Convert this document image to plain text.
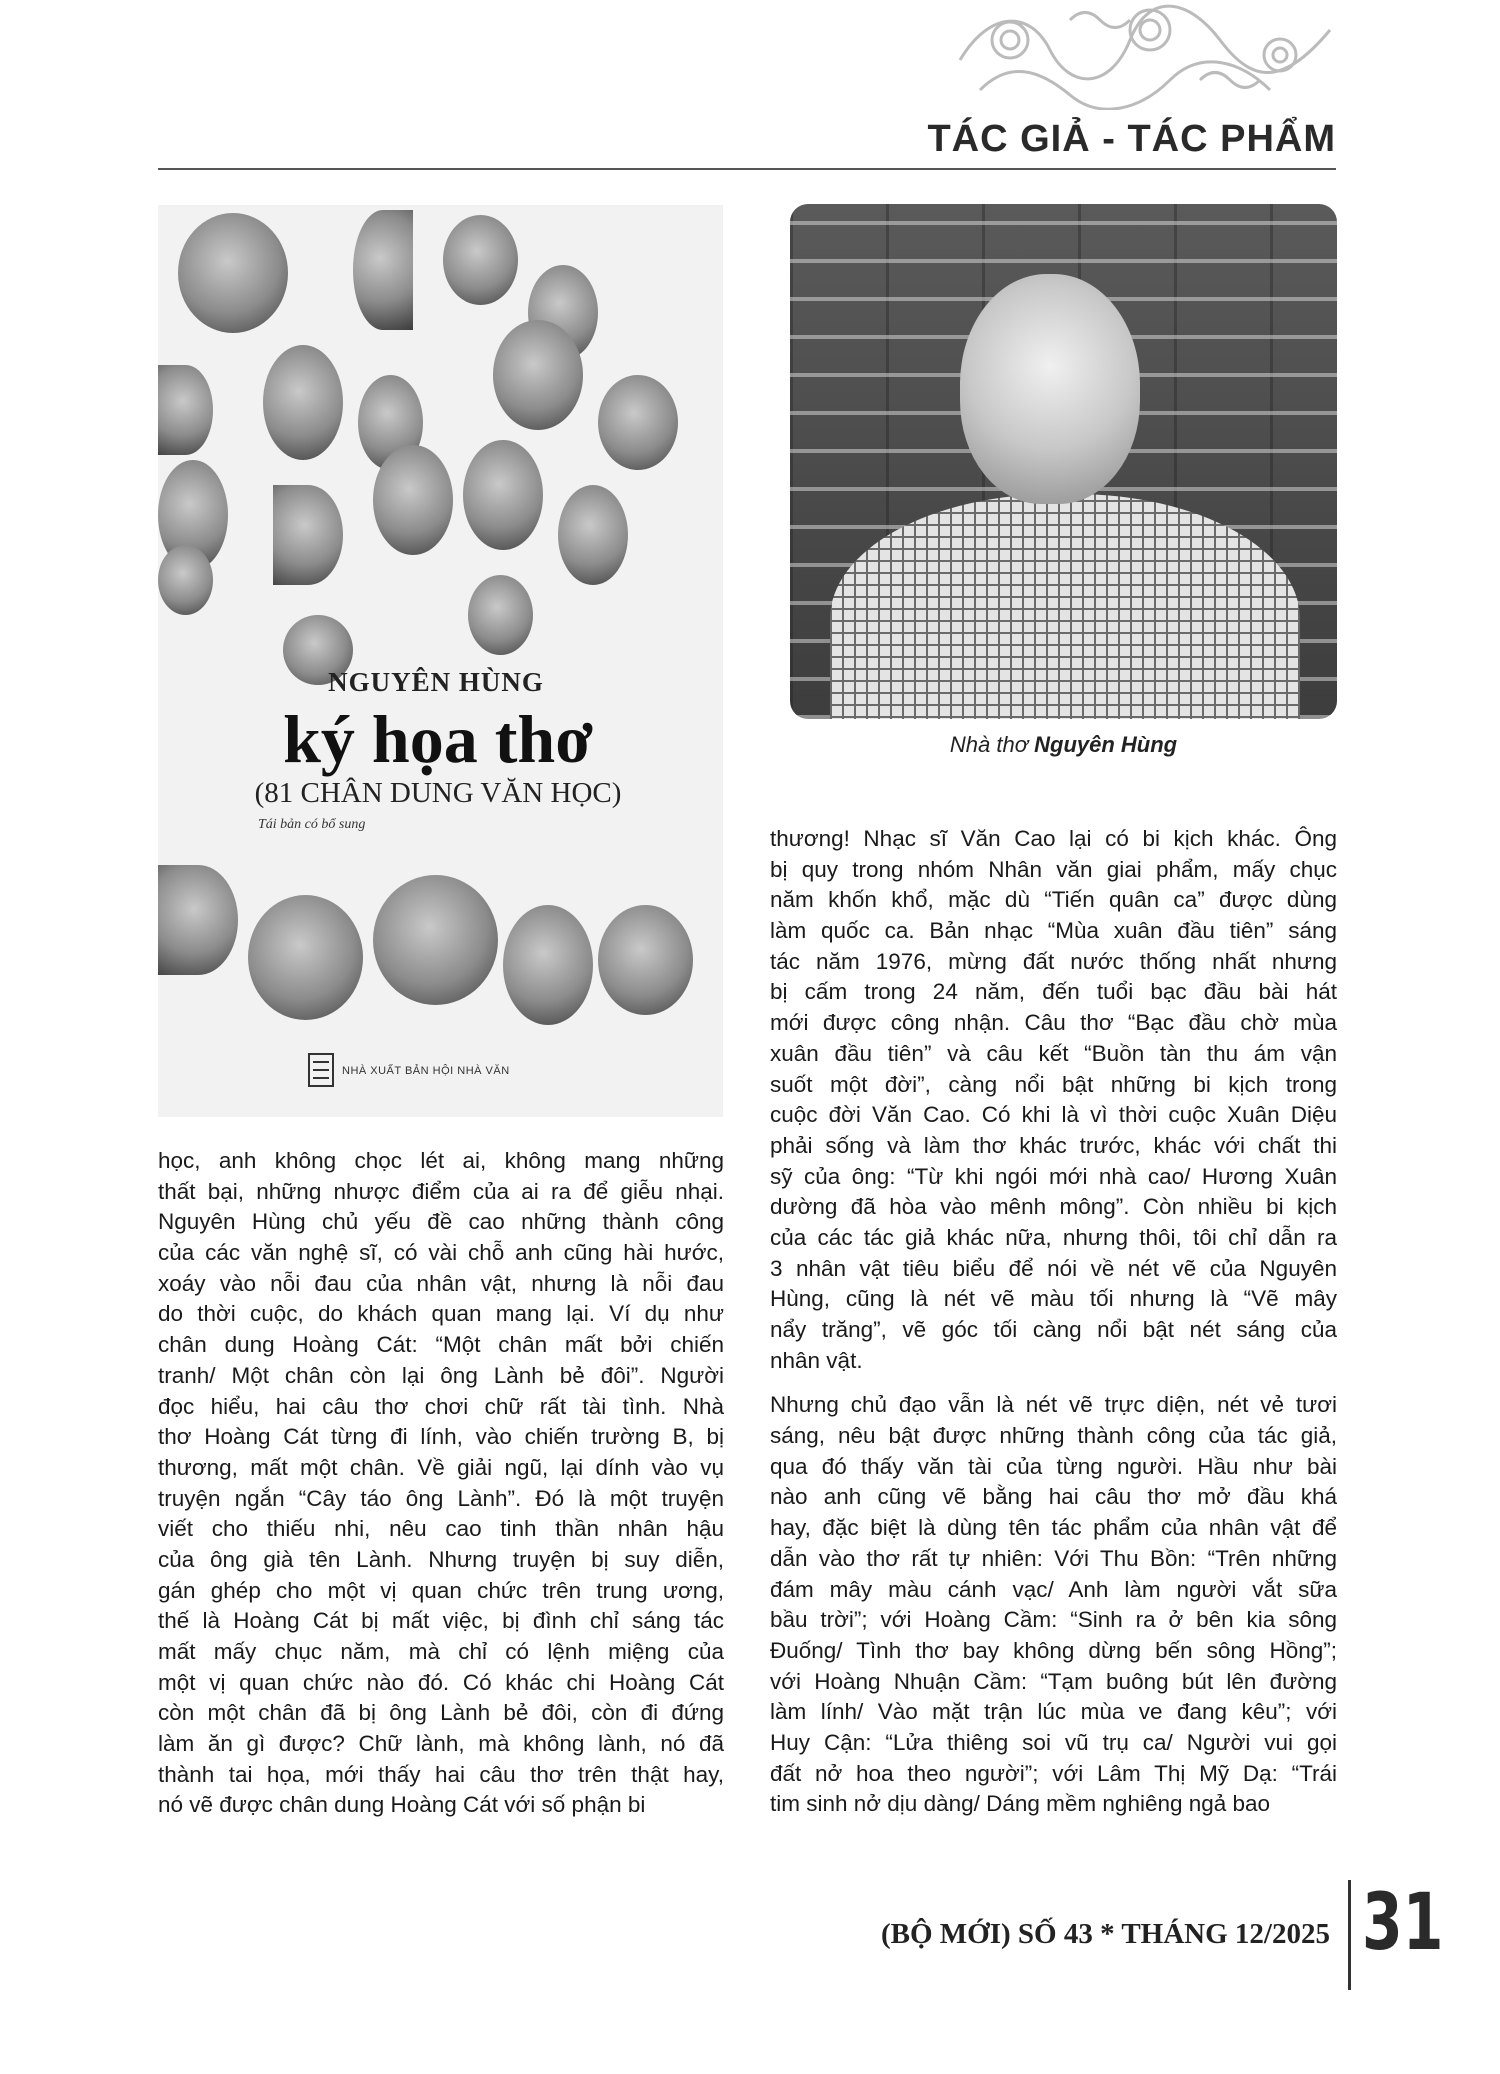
TÁC GIẢ - TÁC PHẨM
NGUYÊN HÙNG
ký họa thơ
(81 CHÂN DUNG VĂN HỌC)
Tái bản có bổ sung
NHÀ XUẤT BẢN HỘI NHÀ VĂN
Nhà thơ Nguyên Hùng
học, anh không chọc lét ai, không mang những
thất bại, những nhược điểm của ai ra để giễu nhại.
Nguyên Hùng chủ yếu đề cao những thành công
của các văn nghệ sĩ, có vài chỗ anh cũng hài hước,
xoáy vào nỗi đau của nhân vật, nhưng là nỗi đau
do thời cuộc, do khách quan mang lại. Ví dụ như
chân dung Hoàng Cát: “Một chân mất bởi chiến
tranh/ Một chân còn lại ông Lành bẻ đôi”. Người
đọc hiểu, hai câu thơ chơi chữ rất tài tình. Nhà
thơ Hoàng Cát từng đi lính, vào chiến trường B, bị
thương, mất một chân. Về giải ngũ, lại dính vào vụ
truyện ngắn “Cây táo ông Lành”. Đó là một truyện
viết cho thiếu nhi, nêu cao tinh thần nhân hậu
của ông già tên Lành. Nhưng truyện bị suy diễn,
gán ghép cho một vị quan chức trên trung ương,
thế là Hoàng Cát bị mất việc, bị đình chỉ sáng tác
mất mấy chục năm, mà chỉ có lệnh miệng của
một vị quan chức nào đó. Có khác chi Hoàng Cát
còn một chân đã bị ông Lành bẻ đôi, còn đi đứng
làm ăn gì được? Chữ lành, mà không lành, nó đã
thành tai họa, mới thấy hai câu thơ trên thật hay,
nó vẽ được chân dung Hoàng Cát với số phận bi
thương! Nhạc sĩ Văn Cao lại có bi kịch khác. Ông
bị quy trong nhóm Nhân văn giai phẩm, mấy chục
năm khốn khổ, mặc dù “Tiến quân ca” được dùng
làm quốc ca. Bản nhạc “Mùa xuân đầu tiên” sáng
tác năm 1976, mừng đất nước thống nhất nhưng
bị cấm trong 24 năm, đến tuổi bạc đầu bài hát
mới được công nhận. Câu thơ “Bạc đầu chờ mùa
xuân đầu tiên” và câu kết “Buồn tàn thu ám vận
suốt một đời”, càng nổi bật những bi kịch trong
cuộc đời Văn Cao. Có khi là vì thời cuộc Xuân Diệu
phải sống và làm thơ khác trước, khác với chất thi
sỹ của ông: “Từ khi ngói mới nhà cao/ Hương Xuân
dường đã hòa vào mênh mông”. Còn nhiều bi kịch
của các tác giả khác nữa, nhưng thôi, tôi chỉ dẫn ra
3 nhân vật tiêu biểu để nói về nét vẽ của Nguyên
Hùng, cũng là nét vẽ màu tối nhưng là “Vẽ mây
nẩy trăng”, vẽ góc tối càng nổi bật nét sáng của
nhân vật.
Nhưng chủ đạo vẫn là nét vẽ trực diện, nét vẻ tươi
sáng, nêu bật được những thành công của tác giả,
qua đó thấy văn tài của từng người. Hầu như bài
nào anh cũng vẽ bằng hai câu thơ mở đầu khá
hay, đặc biệt là dùng tên tác phẩm của nhân vật để
dẫn vào thơ rất tự nhiên: Với Thu Bồn: “Trên những
đám mây màu cánh vạc/ Anh làm người vắt sữa
bầu trời”; với Hoàng Cầm: “Sinh ra ở bên kia sông
Đuống/ Tình thơ bay không dừng bến sông Hồng”;
với Hoàng Nhuận Cầm: “Tạm buông bút lên đường
làm lính/ Vào mặt trận lúc mùa ve đang kêu”; với
Huy Cận: “Lửa thiêng soi vũ trụ ca/ Người vui gọi
đất nở hoa theo người”; với Lâm Thị Mỹ Dạ: “Trái
tim sinh nở dịu dàng/ Dáng mềm nghiêng ngả bao
(BỘ MỚI) SỐ 43 * THÁNG 12/2025 31
